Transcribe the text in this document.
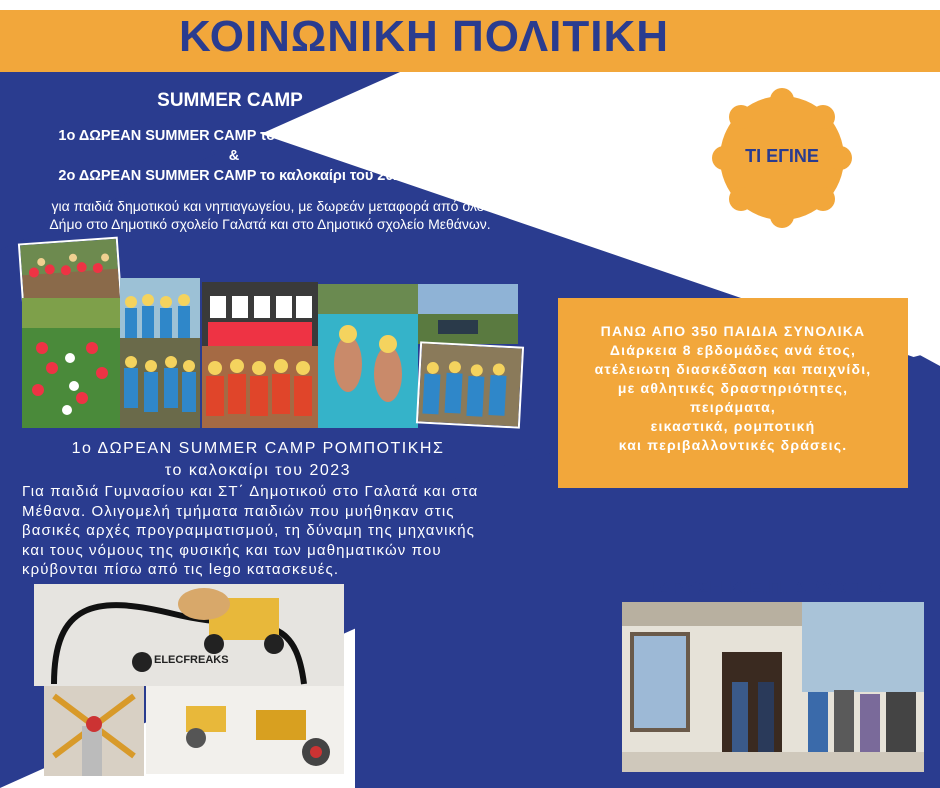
ΚΟΙΝΩΝΙΚΗ ΠΟΛΙΤΙΚΗ
SUMMER CAMP
1ο ΔΩΡΕΑΝ SUMMER CAMP το καλοκαίρι του 2022
&
2ο ΔΩΡΕΑΝ SUMMER CAMP το καλοκαίρι του 2023
για παιδιά δημοτικού και νηπιαγωγείου, με δωρεάν μεταφορά από όλο τον
Δήμο στο Δημοτικό σχολείο Γαλατά και στο Δημοτικό σχολείο Μεθάνων.
ΤΙ ΕΓΙΝΕ
1ο ΔΩΡΕΑΝ SUMMER CAMP ΡΟΜΠΟΤΙΚΗΣ
το καλοκαίρι του 2023
Για παιδιά Γυμνασίου και ΣΤ΄ Δημοτικού στο Γαλατά και στα
Μέθανα. Ολιγομελή τμήματα παιδιών που μυήθηκαν στις
βασικές αρχές προγραμματισμού, τη δύναμη της μηχανικής
και τους νόμους της φυσικής και των μαθηματικών που
κρύβονται πίσω από τις lego κατασκευές.
ELECFREAKS
ΠΑΝΩ ΑΠΟ 350 ΠΑΙΔΙΑ ΣΥΝΟΛΙΚΑ
Διάρκεια 8 εβδομάδες ανά έτος,
ατέλειωτη διασκέδαση και παιχνίδι,
με αθλητικές δραστηριότητες,
πειράματα,
εικαστικά, ρομποτική
και περιβαλλοντικές δράσεις.
ΙΔΡΥΣΗ Κ.Ε.Π. ΔΡΥΟΠΗΣ
